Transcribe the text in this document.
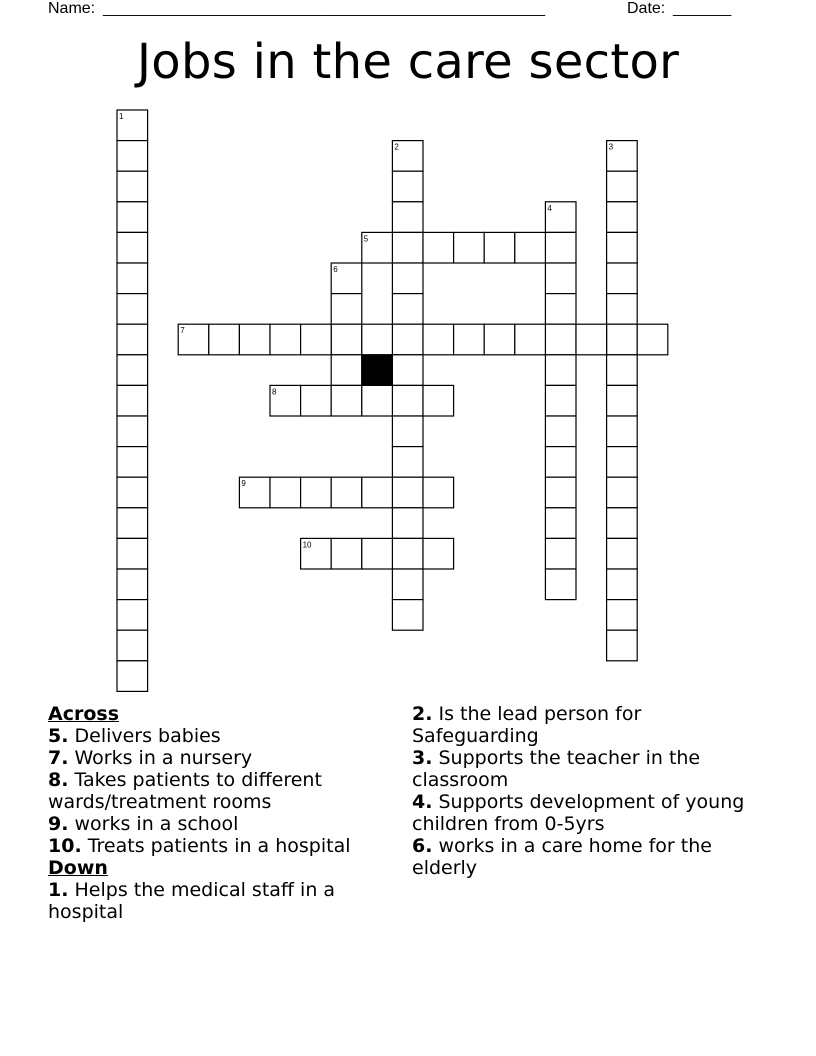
Name: _____________________________________________________	Date: _______
Jobs in the care sector
1
2	3
4
5
6
7
8
9
10
Across

5. Delivers babies

7. Works in a nursery

8. Takes patients to different wards/treatment rooms

9. works in a school

10. Treats patients in a hospital

Down

1. Helps the medical staff in a hospital

2. Is the lead person for Safeguarding

3. Supports the teacher in the classroom

4. Supports development of young children from 0-5yrs

6. works in a care home for the elderly
